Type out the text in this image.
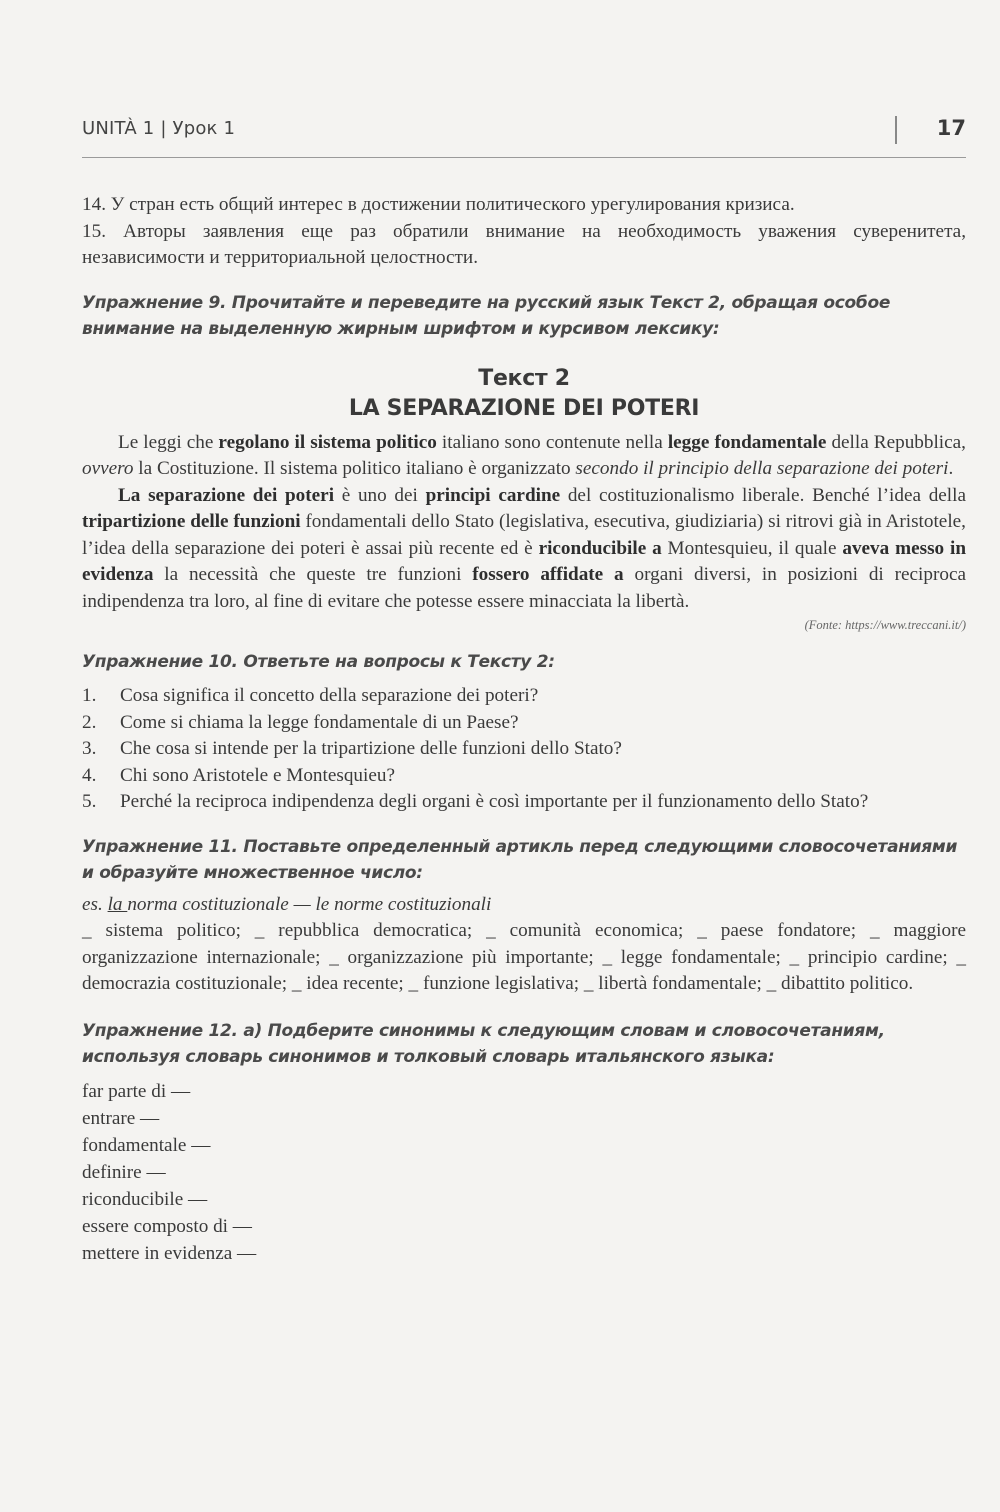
UNITÀ 1 | Урок 1	17

14. У стран есть общий интерес в достижении политического урегулирования кризиса.

15. Авторы заявления еще раз обратили внимание на необходимость уважения суверенитета, независимости и территориальной целостности.

Упражнение 9. Прочитайте и переведите на русский язык Текст 2, обращая особое внимание на выделенную жирным шрифтом и курсивом лексику:

Текст 2

LA SEPARAZIONE DEI POTERI

Le leggi che regolano il sistema politico italiano sono contenute nella legge fondamentale della Repubblica, ovvero la Costituzione. Il sistema politico italiano è organizzato secondo il principio della separazione dei poteri.

La separazione dei poteri è uno dei principi cardine del costituzionalismo liberale. Benché l’idea della tripartizione delle funzioni fondamentali dello Stato (legislativa, esecutiva, giudiziaria) si ritrovi già in Aristotele, l’idea della separazione dei poteri è assai più recente ed è riconducibile a Montesquieu, il quale aveva messo in evidenza la necessità che queste tre funzioni fossero affidate a organi diversi, in posizioni di reciproca indipendenza tra loro, al fine di evitare che potesse essere minacciata la libertà.

(Fonte: https://www.treccani.it/)

Упражнение 10. Ответьте на вопросы к Тексту 2:

1. Cosa significa il concetto della separazione dei poteri?
2. Come si chiama la legge fondamentale di un Paese?
3. Che cosa si intende per la tripartizione delle funzioni dello Stato?
4. Chi sono Aristotele e Montesquieu?
5. Perché la reciproca indipendenza degli organi è così importante per il funzionamento dello Stato?

Упражнение 11. Поставьте определенный артикль перед следующими словосочетаниями и образуйте множественное число:

es. la norma costituzionale — le norme costituzionali

_ sistema politico; _ repubblica democratica; _ comunità economica; _ paese fondatore; _ maggiore organizzazione internazionale; _ organizzazione più importante; _ legge fondamentale; _ principio cardine; _ democrazia costituzionale; _ idea recente; _ funzione legislativa; _ libertà fondamentale; _ dibattito politico.

Упражнение 12. а) Подберите синонимы к следующим словам и словосочетаниям, используя словарь синонимов и толковый словарь итальянского языка:

far parte di —
entrare —
fondamentale —
definire —
riconducibile —
essere composto di —
mettere in evidenza —
